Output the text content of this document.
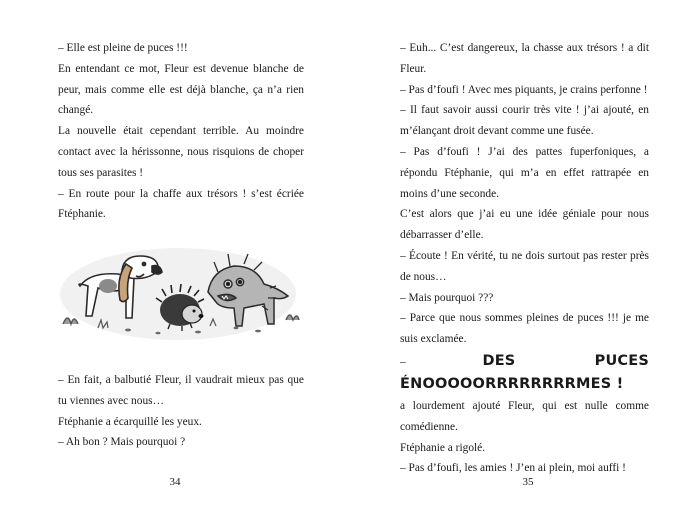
– Elle est pleine de puces !!!

En entendant ce mot, Fleur est devenue blanche de peur, mais comme elle est déjà blanche, ça n’a rien changé.

La nouvelle était cependant terrible. Au moindre contact avec la hérissonne, nous risquions de choper tous ses parasites !

– En route pour la chaffe aux trésors ! s’est écriée Ftéphanie.

– En fait, a balbutié Fleur, il vaudrait mieux pas que tu viennes avec nous…

Ftéphanie a écarquillé les yeux.

– Ah bon ? Mais pourquoi ?

34

– Euh... C’est dangereux, la chasse aux trésors ! a dit Fleur.

– Pas d’foufi ! Avec mes piquants, je crains perfonne !

– Il faut savoir aussi courir très vite ! j’ai ajouté, en m’élançant droit devant comme une fusée.

– Pas d’foufi ! J’ai des pattes fuperfoniques, a répondu Ftéphanie, qui m’a en effet rattrapée en moins d’une seconde.

C’est alors que j’ai eu une idée géniale pour nous débarrasser d’elle.

– Écoute ! En vérité, tu ne dois surtout pas rester près de nous…

– Mais pourquoi ???

– Parce que nous sommes pleines de puces !!! je me suis exclamée.

– DES PUCES ÉNOOOOORRRRRRRRMES !

a lourdement ajouté Fleur, qui est nulle comme comédienne.

Ftéphanie a rigolé.

– Pas d’foufi, les amies ! J’en ai plein, moi auffi !

35
